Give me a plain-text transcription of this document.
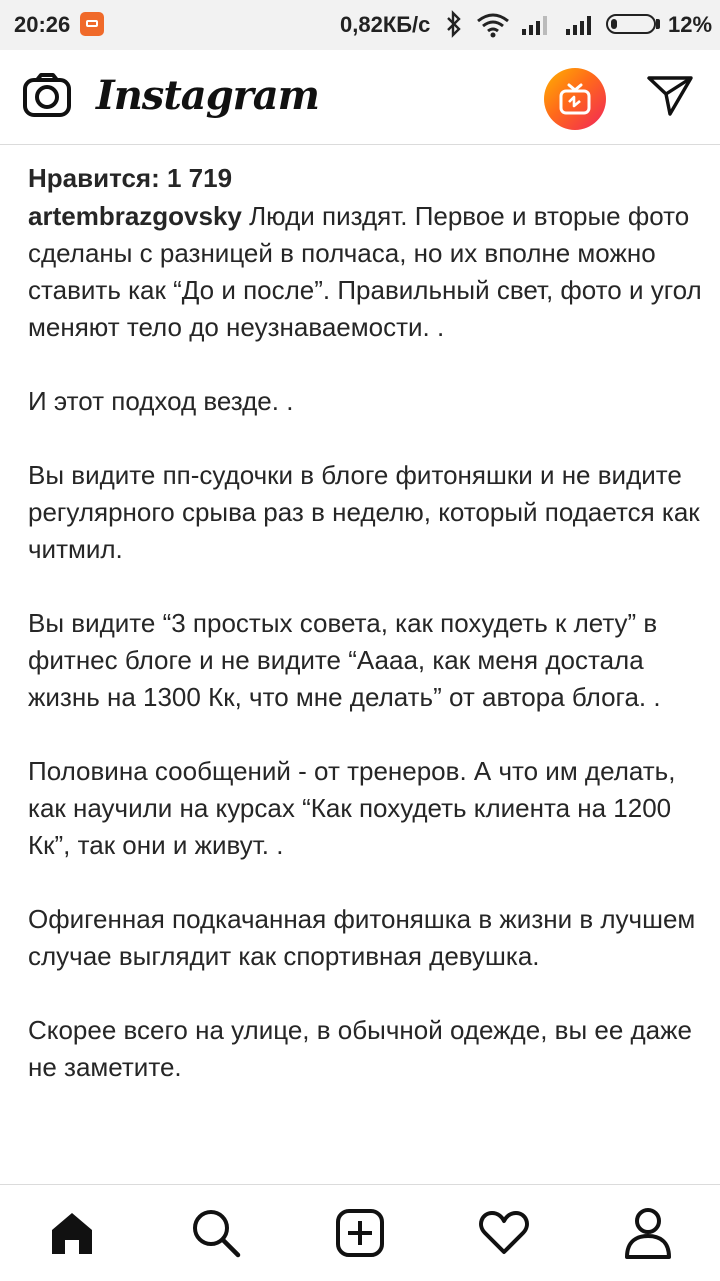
20:26	0,82КБ/с	12%
Instagram
Нравится: 1 719
artembrazgovsky Люди пиздят. Первое и вторые фото сделаны с разницей в полчаса, но их вполне можно ставить как “До и после”. Правильный свет, фото и угол меняют тело до неузнаваемости. .

И этот подход везде. .

Вы видите пп-судочки в блоге фитоняшки и не видите регулярного срыва раз в неделю, который подается как читмил.

Вы видите “3 простых совета, как похудеть к лету” в фитнес блоге и не видите “Аааа, как меня достала жизнь на 1300 Кк, что мне делать” от автора блога. .

Половина сообщений - от тренеров. А что им делать, как научили на курсах “Как похудеть клиента на 1200 Кк”, так они и живут. .

Офигенная подкачанная фитоняшка в жизни в лучшем случае выглядит как спортивная девушка.

Скорее всего на улице, в обычной одежде, вы ее даже не заметите.
